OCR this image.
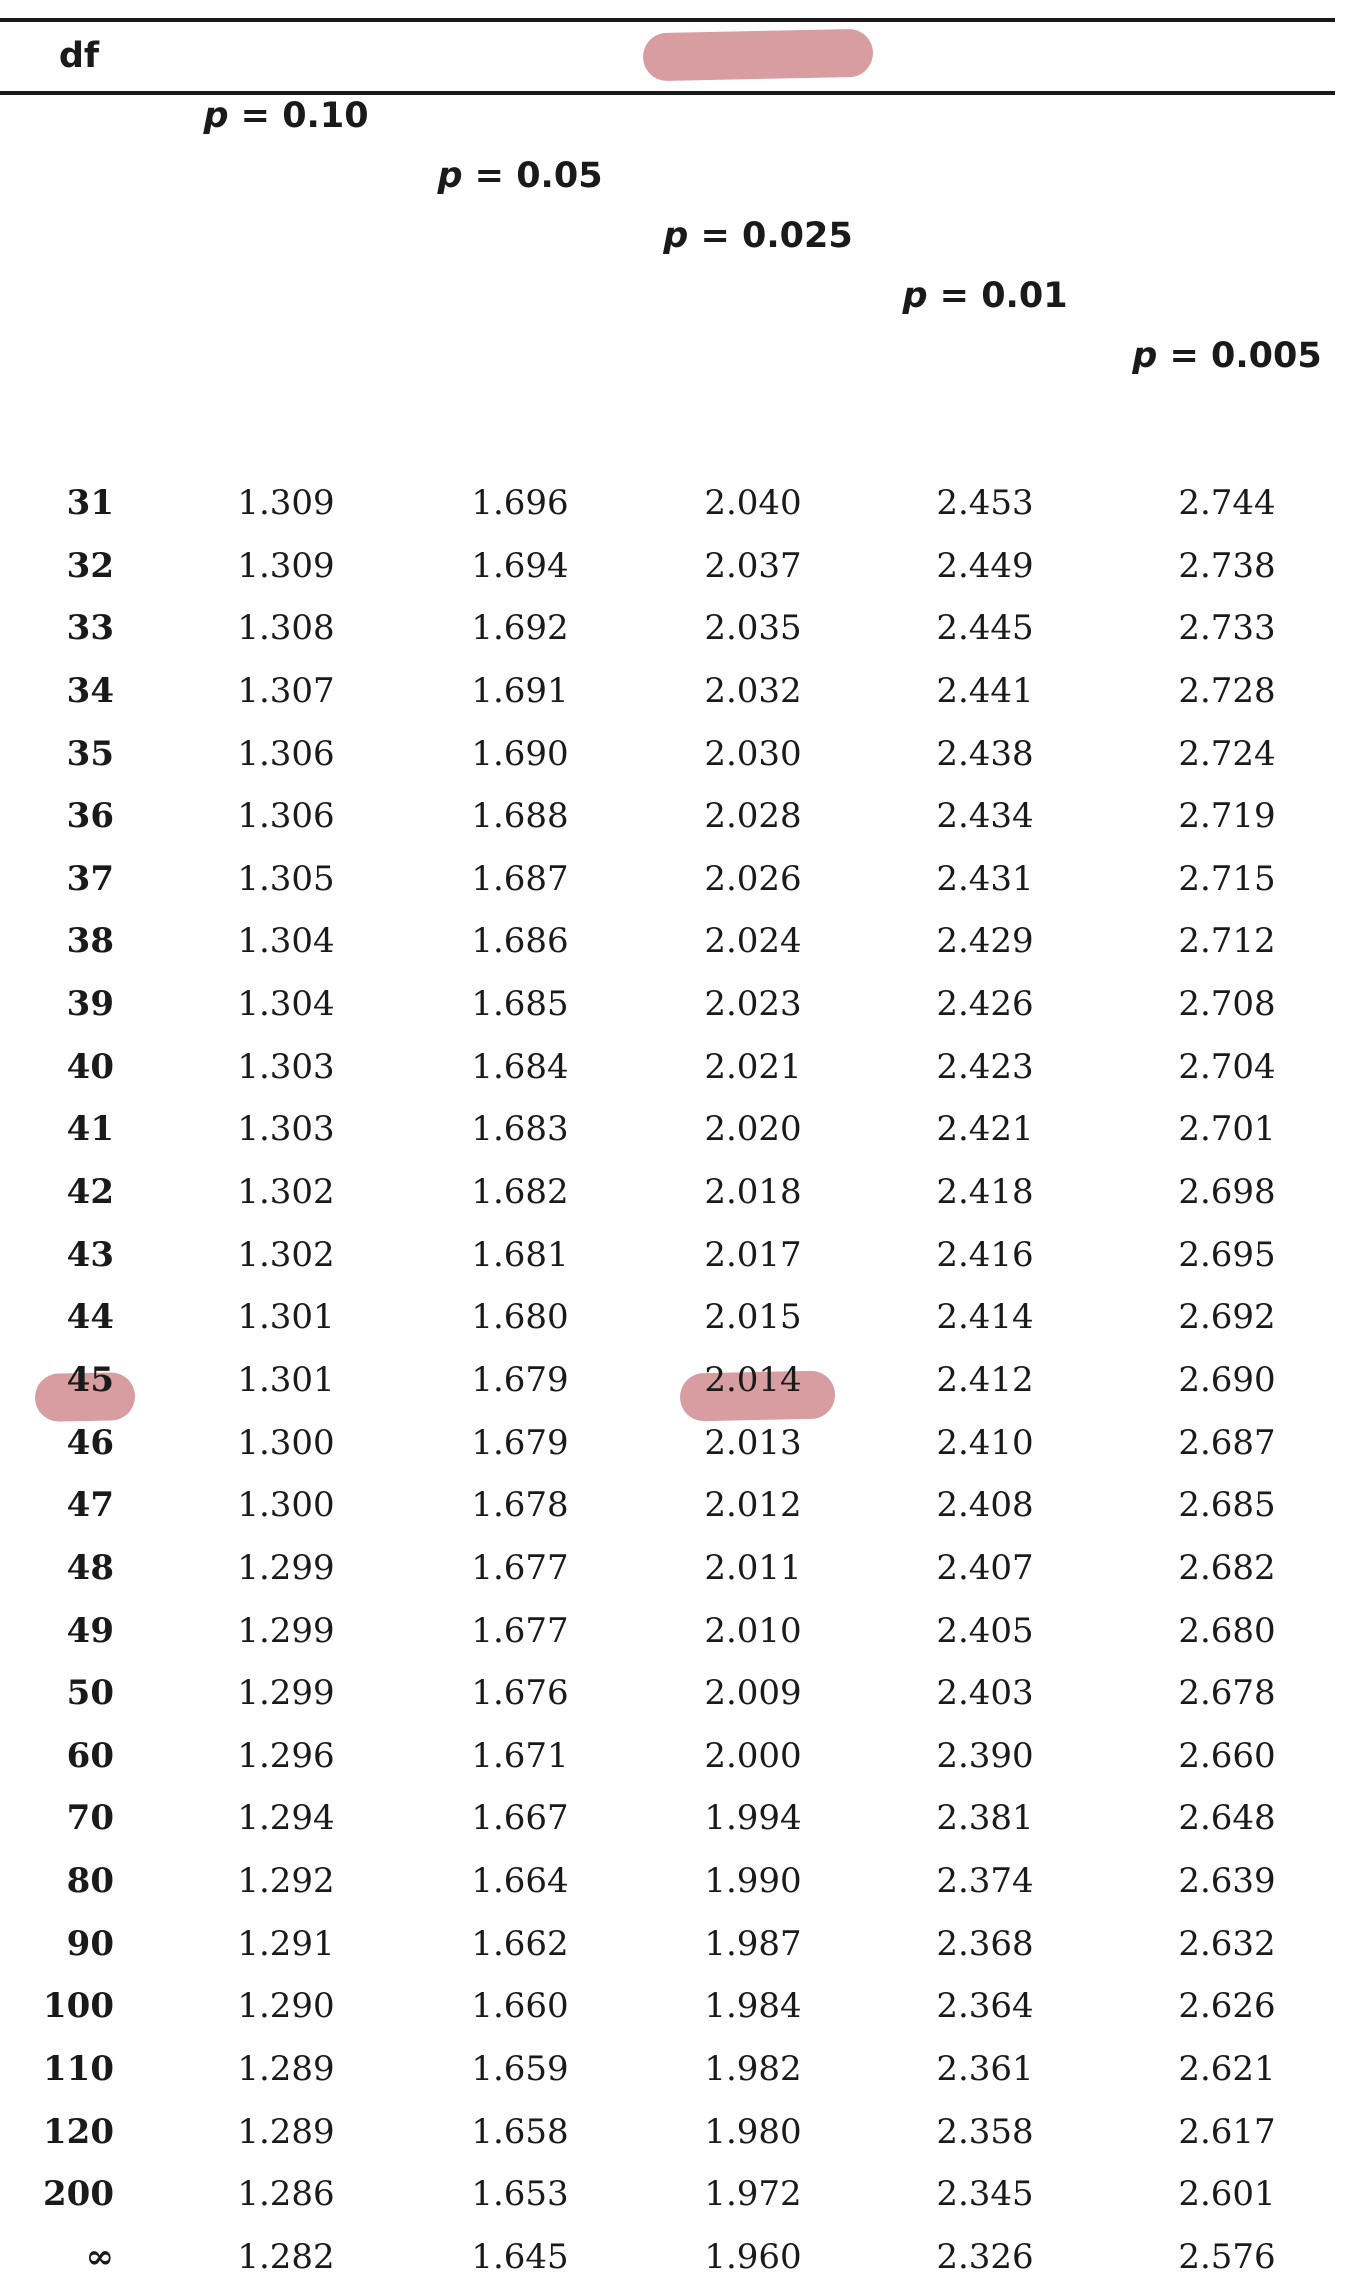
df
p = 0.10
p = 0.05
p = 0.025
p = 0.01
p = 0.005
31	1.309	1.696	2.040	2.453	2.744
32	1.309	1.694	2.037	2.449	2.738
33	1.308	1.692	2.035	2.445	2.733
34	1.307	1.691	2.032	2.441	2.728
35	1.306	1.690	2.030	2.438	2.724
36	1.306	1.688	2.028	2.434	2.719
37	1.305	1.687	2.026	2.431	2.715
38	1.304	1.686	2.024	2.429	2.712
39	1.304	1.685	2.023	2.426	2.708
40	1.303	1.684	2.021	2.423	2.704
41	1.303	1.683	2.020	2.421	2.701
42	1.302	1.682	2.018	2.418	2.698
43	1.302	1.681	2.017	2.416	2.695
44	1.301	1.680	2.015	2.414	2.692
45	1.301	1.679	2.014	2.412	2.690
46	1.300	1.679	2.013	2.410	2.687
47	1.300	1.678	2.012	2.408	2.685
48	1.299	1.677	2.011	2.407	2.682
49	1.299	1.677	2.010	2.405	2.680
50	1.299	1.676	2.009	2.403	2.678
60	1.296	1.671	2.000	2.390	2.660
70	1.294	1.667	1.994	2.381	2.648
80	1.292	1.664	1.990	2.374	2.639
90	1.291	1.662	1.987	2.368	2.632
100	1.290	1.660	1.984	2.364	2.626
110	1.289	1.659	1.982	2.361	2.621
120	1.289	1.658	1.980	2.358	2.617
200	1.286	1.653	1.972	2.345	2.601
∞	1.282	1.645	1.960	2.326	2.576
